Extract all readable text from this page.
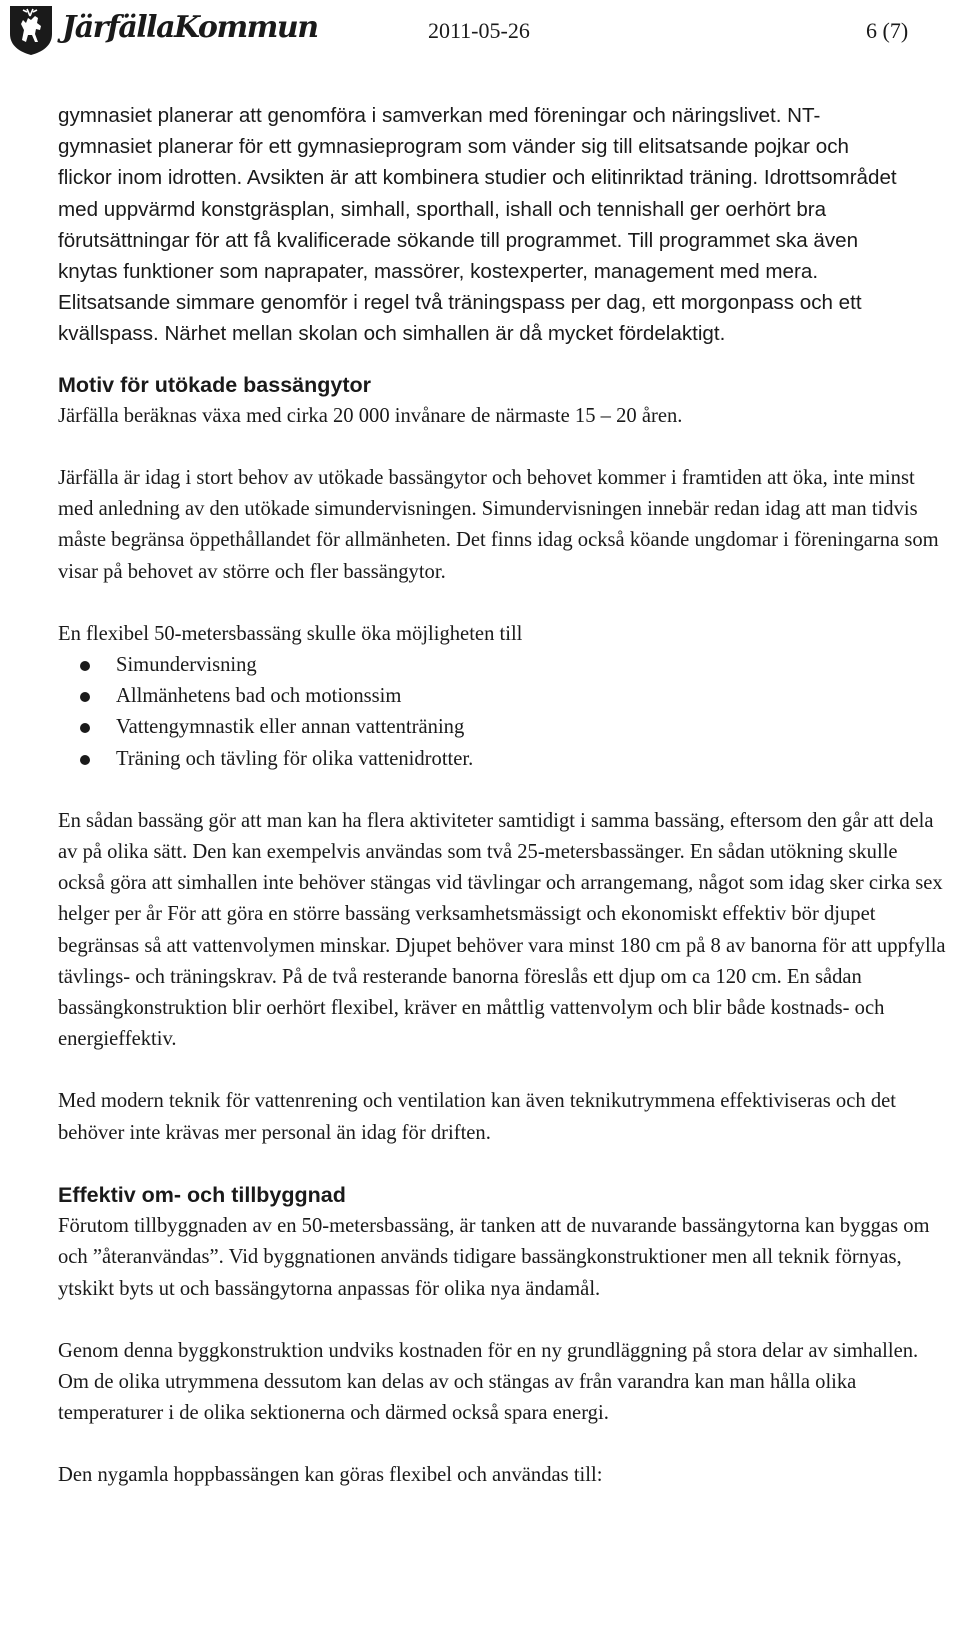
JärfällaKommun	2011-05-26	6 (7)

gymnasiet planerar att genomföra i samverkan med föreningar och näringslivet. NT-gymnasiet planerar för ett gymnasieprogram som vänder sig till elitsatsande pojkar och flickor inom idrotten. Avsikten är att kombinera studier och elitinriktad träning. Idrottsområdet med uppvärmd konstgräsplan, simhall, sporthall, ishall och tennishall ger oerhört bra förutsättningar för att få kvalificerade sökande till programmet. Till programmet ska även knytas funktioner som naprapater, massörer, kostexperter, management med mera. Elitsatsande simmare genomför i regel två träningspass per dag, ett morgonpass och ett kvällspass. Närhet mellan skolan och simhallen är då mycket fördelaktigt.

Motiv för utökade bassängytor

Järfälla beräknas växa med cirka 20 000 invånare de närmaste 15 – 20 åren.

Järfälla är idag i stort behov av utökade bassängytor och behovet kommer i framtiden att öka, inte minst med anledning av den utökade simundervisningen. Simundervisningen innebär redan idag att man tidvis måste begränsa öppethållandet för allmänheten. Det finns idag också köande ungdomar i föreningarna som visar på behovet av större och fler bassängytor.

En flexibel 50-metersbassäng skulle öka möjligheten till

Simundervisning
Allmänhetens bad och motionssim
Vattengymnastik eller annan vattenträning
Träning och tävling för olika vattenidrotter.

En sådan bassäng gör att man kan ha flera aktiviteter samtidigt i samma bassäng, eftersom den går att dela av på olika sätt. Den kan exempelvis användas som två 25-metersbassänger. En sådan utökning skulle också göra att simhallen inte behöver stängas vid tävlingar och arrangemang, något som idag sker cirka sex helger per år För att göra en större bassäng verksamhetsmässigt och ekonomiskt effektiv bör djupet begränsas så att vattenvolymen minskar. Djupet behöver vara minst 180 cm på 8 av banorna för att uppfylla tävlings- och träningskrav. På de två resterande banorna föreslås ett djup om ca 120 cm. En sådan bassängkonstruktion blir oerhört flexibel, kräver en måttlig vattenvolym och blir både kostnads- och energieffektiv.

Med modern teknik för vattenrening och ventilation kan även teknikutrymmena effektiviseras och det behöver inte krävas mer personal än idag för driften.

Effektiv om- och tillbyggnad

Förutom tillbyggnaden av en 50-metersbassäng, är tanken att de nuvarande bassängytorna kan byggas om och ”återanvändas”. Vid byggnationen används tidigare bassängkonstruktioner men all teknik förnyas, ytskikt byts ut och bassängytorna anpassas för olika nya ändamål.

Genom denna byggkonstruktion undviks kostnaden för en ny grundläggning på stora delar av simhallen. Om de olika utrymmena dessutom kan delas av och stängas av från varandra kan man hålla olika temperaturer i de olika sektionerna och därmed också spara energi.

Den nygamla hoppbassängen kan göras flexibel och användas till:
